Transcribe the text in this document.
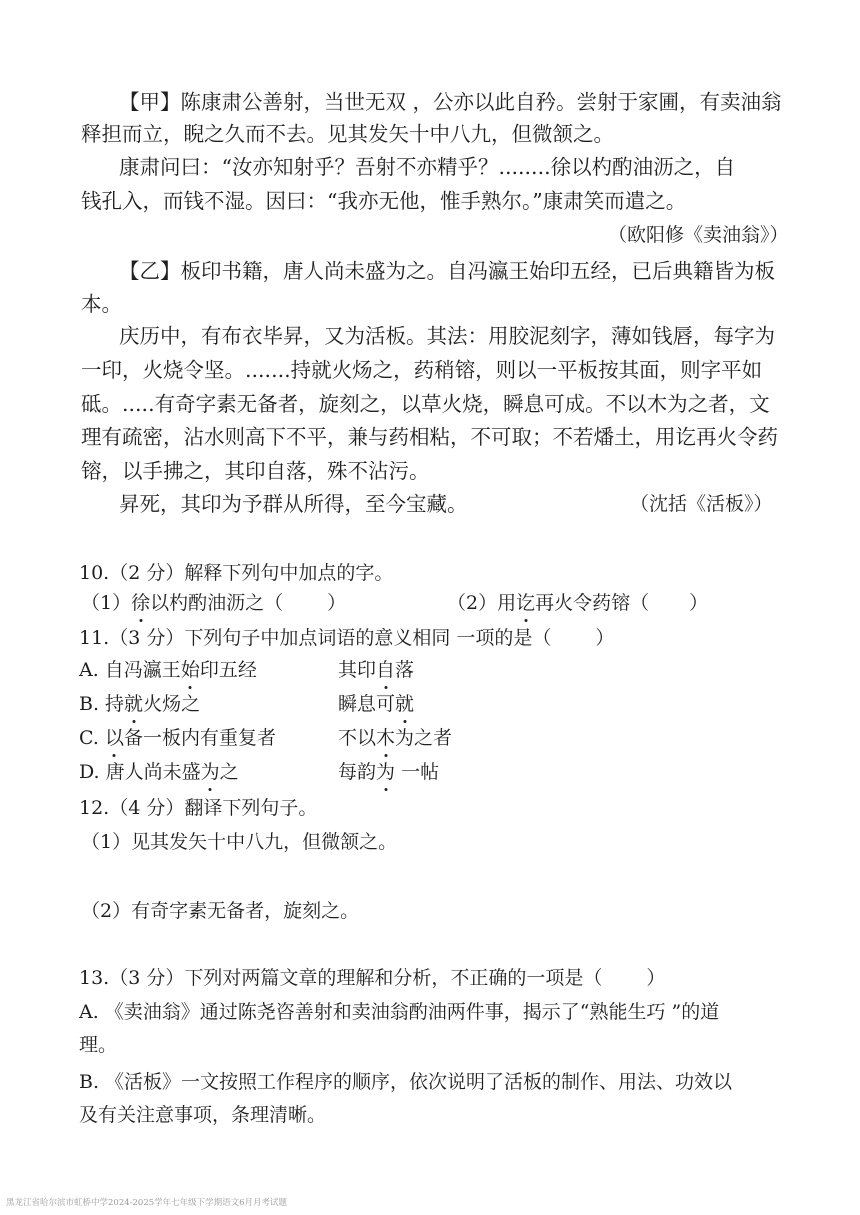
【甲】陈康肃公善射，当世无双 ，公亦以此自矜。尝射于家圃，有卖油翁
释担而立，睨之久而不去。见其发矢十中八九，但微颔之。
康肃问曰：“汝亦知射乎？吾射不亦精乎？........徐以杓酌油沥之，自
钱孔入，而钱不湿。因曰：“我亦无他，惟手熟尔。”康肃笑而遣之。
（欧阳修《卖油翁》）
【乙】板印书籍，唐人尚未盛为之。自冯瀛王始印五经，已后典籍皆为板
本。
庆历中，有布衣毕昇，又为活板。其法：用胶泥刻字，薄如钱唇，每字为
一印，火烧令坚。.......持就火炀之，药稍镕，则以一平板按其面，则字平如
砥。.....有奇字素无备者，旋刻之，以草火烧，瞬息可成。不以木为之者，文
理有疏密，沾水则高下不平，兼与药相粘，不可取；不若燔土，用讫再火令药
镕，以手拂之，其印自落，殊不沾污。
昇死，其印为予群从所得，至今宝藏。	（沈括《活板》）
10.（2 分）解释下列句中加点的字。
（1）徐以杓酌油沥之（ ）	（2）用讫再火令药镕（ ）
11.（3 分）下列句子中加点词语的意义相同 一项的是（ ）
A. 自冯瀛王始印五经	其印自落
B. 持就火炀之	瞬息可就
C. 以备一板内有重复者	不以木为之者
D. 唐人尚未盛为之	每韵为 一帖
12.（4 分）翻译下列句子。
（1）见其发矢十中八九，但微颔之。
（2）有奇字素无备者，旋刻之。
13.（3 分）下列对两篇文章的理解和分析，不正确的一项是（ ）
A. 《卖油翁》通过陈尧咨善射和卖油翁酌油两件事，揭示了“熟能生巧 ”的道
理。
B. 《活板》一文按照工作程序的顺序，依次说明了活板的制作、用法、功效以
及有关注意事项，条理清晰。
黑龙江省哈尔滨市虹桥中学2024-2025学年七年级下学期语文6月月考试题
